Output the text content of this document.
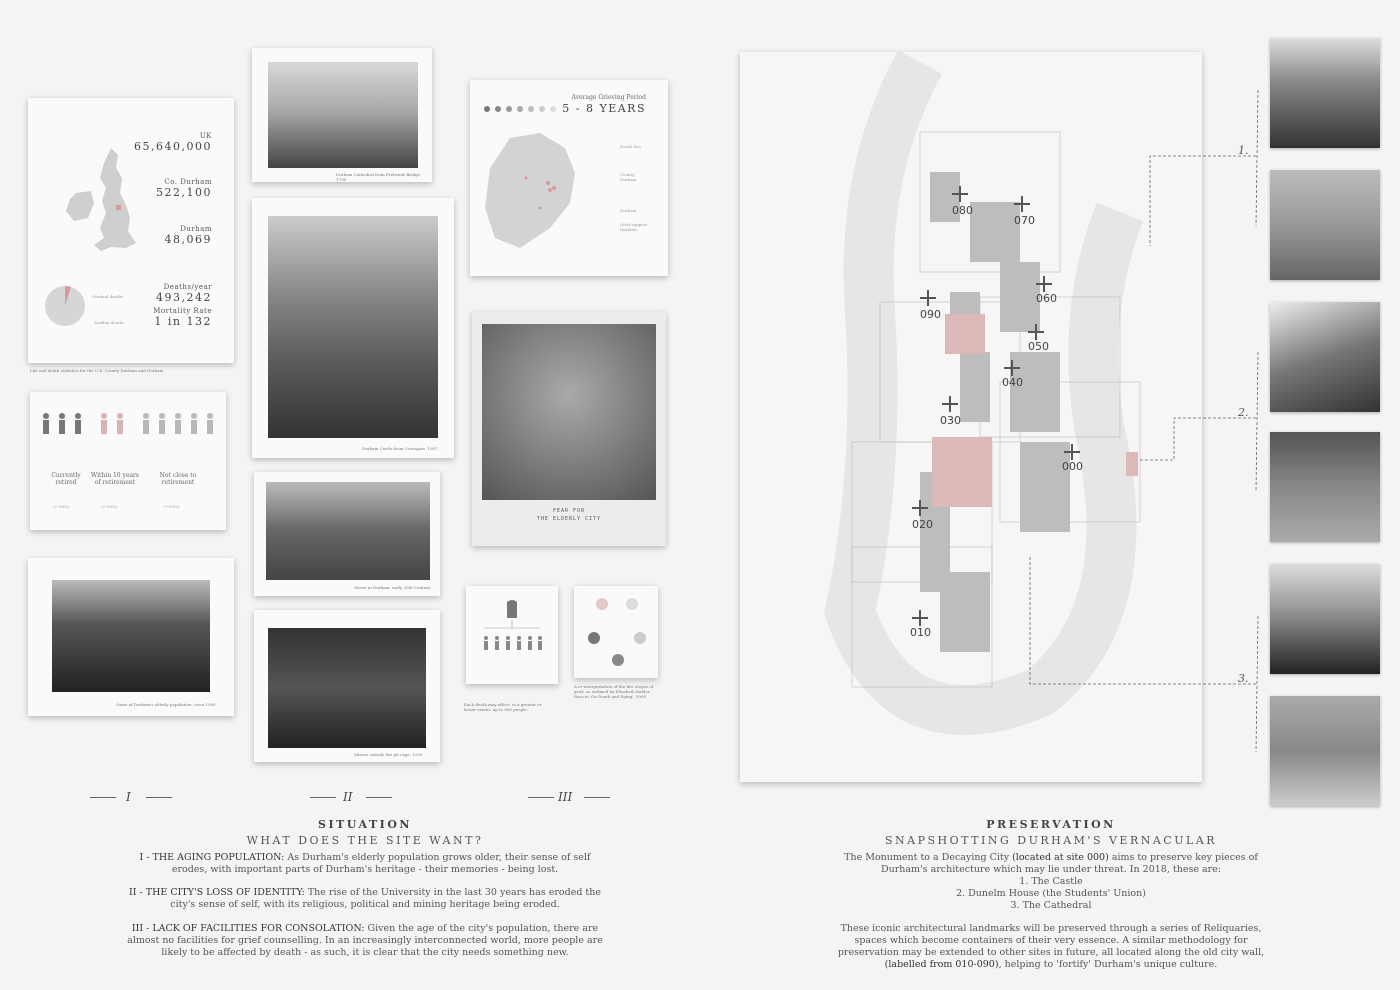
UK
65,640,000
Co. Durham
522,100
Durham
48,069
Deaths/year
493,242
Mortality Rate
1 in 132
Gradual deaths
Sudden deaths
Life and death statistics for the U.K. County Durham and Durham
Currently retired
Within 10 years of retirement
Not close to retirement
(~30%)	(~20%)	(~50%)
Some of Durham's elderly population, circa 1900
Durham Cathedral from Prebends Bridge, 1790
Durham Castle from Crossgate, 1957
Street in Durham, early 20th Century
Miners outside the pit cage, 1930
Average Grieving Period
5 - 8 YEARS
North Sea
County Durham
Durham
Grief support facilities
FEAR FOR
THE ELDERLY CITY
Each death may affect, to a greater or lesser extent, up to 600 people.
A re-interpretation of the five stages of grief, as outlined by Elisabeth Kubler Ross in 'On Death and Dying', 1969
I	II	III
SITUATION
WHAT DOES THE SITE WANT?
I - THE AGING POPULATION: As Durham's elderly population grows older, their sense of self erodes, with important parts of Durham's heritage - their memories - being lost.
II - THE CITY'S LOSS OF IDENTITY: The rise of the University in the last 30 years has eroded the city's sense of self, with its religious, political and mining heritage being eroded.
III - LACK OF FACILITIES FOR CONSOLATION: Given the age of the city's population, there are almost no facilities for grief counselling. In an increasingly interconnected world, more people are likely to be affected by death - as such, it is clear that the city needs something new.
080
070
060
090
050
040
030
000
020
010
1.
2.
3.
PRESERVATION
SNAPSHOTTING DURHAM'S VERNACULAR
The Monument to a Decaying City (located at site 000) aims to preserve key pieces of Durham's architecture which may lie under threat. In 2018, these are:
1. The Castle
2. Dunelm House (the Students' Union)
3. The Cathedral
These iconic architectural landmarks will be preserved through a series of Reliquaries, spaces which become containers of their very essence. A similar methodology for preservation may be extended to other sites in future, all located along the old city wall, (labelled from 010-090), helping to 'fortify' Durham's unique culture.
